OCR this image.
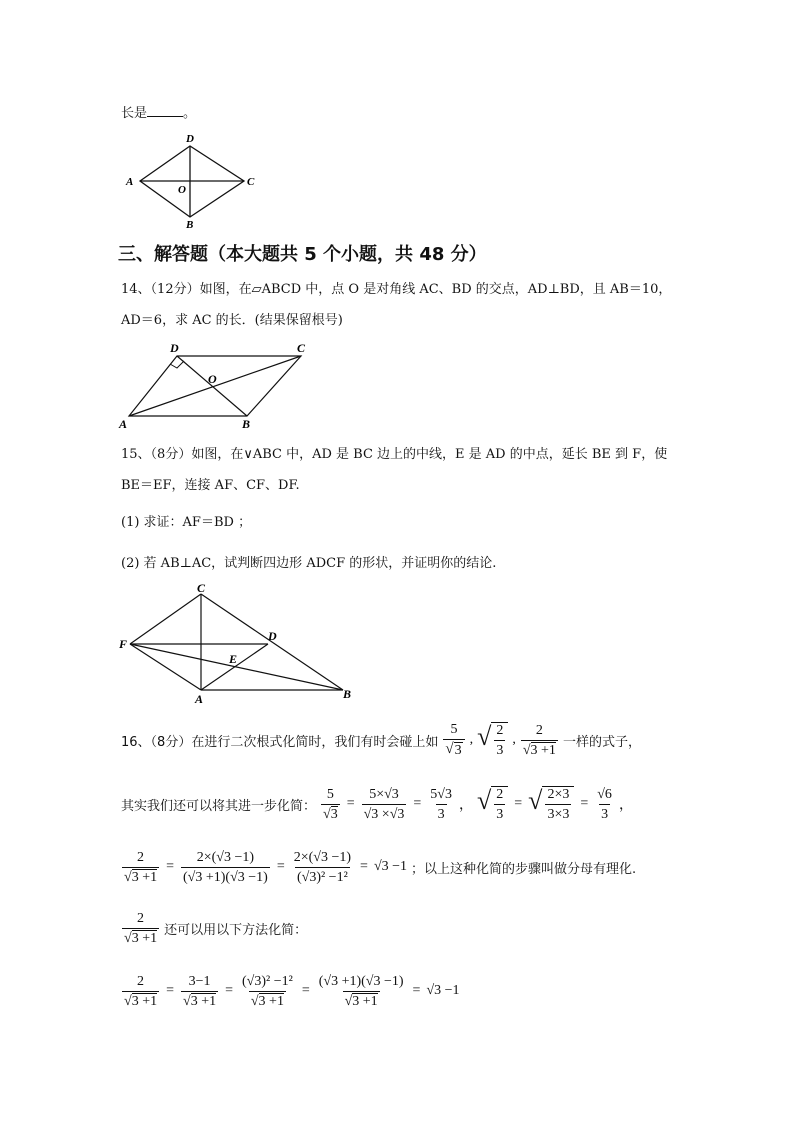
长是	。
D
A
O
C
B
三、解答题（本大题共 5 个小题，共 48 分）
14、（12分）如图，在▱ABCD 中，点 O 是对角线 AC、BD 的交点，AD⊥BD，且 AB＝10，
AD＝6，求 AC 的长．(结果保留根号)
D	C
O
A	B
15、（8分）如图，在∨ABC 中，AD 是 BC 边上的中线，E 是 AD 的中点，延长 BE 到 F，使
BE＝EF，连接 AF、CF、DF.
(1) 求证：AF＝BD ；
(2) 若 AB⊥AC，试判断四边形 ADCF 的形状，并证明你的结论.
C
F
D
E
A	B
16、（8分）在进行二次根式化简时，我们有时会碰上如 $\frac{5}{√ 3}$ , √ $\frac{2}{3}$ , $\frac{2}{√3 +1}$ 一样的式子，
其实我们还可以将其进一步化简： $\frac{5}{√3} = \frac{5\times√3}{√3 \times√3} = \frac{5√3}{3}$ ， √ $\frac{2}{3}$ = √ $\frac{2\times 3}{3\times 3} = \frac{√6}{3}$ ，
$\frac{2}{√3 +1} = \frac{2\times(√3 -1)}{(√3 +1)(√3 -1)} = \frac{2\times(√3 -1)}{\text{(√3)² −1²}} = √3 -1$ ；以上这种化简的步骤叫做分母有理化.
$\frac{2}{√3 +1}$ 还可以用以下方法化简：
$\frac{2}{√3 +1} = \frac{3-1}{√3 +1} = \frac{\text{(√3)² −1²}}{√3 +1} = \frac{(√3 +1)(√3 -1)}{√3 +1} = √3 -1$
